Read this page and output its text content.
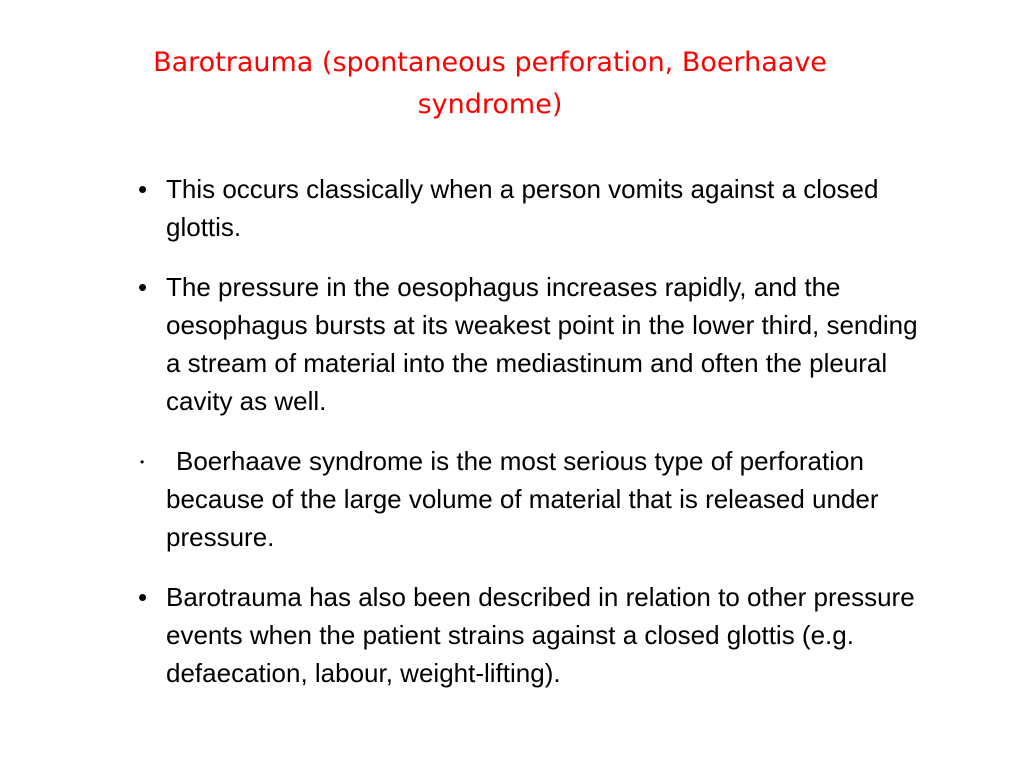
Barotrauma (spontaneous perforation, Boerhaave syndrome)
• This occurs classically when a person vomits against a closed glottis.
• The pressure in the oesophagus increases rapidly, and the oesophagus bursts at its weakest point in the lower third, sending a stream of material into the mediastinum and often the pleural cavity as well.
•	Boerhaave syndrome is the most serious type of perforation because of the large volume of material that is released under pressure.
• Barotrauma has also been described in relation to other pressure events when the patient strains against a closed glottis (e.g. defaecation, labour, weight-lifting).
